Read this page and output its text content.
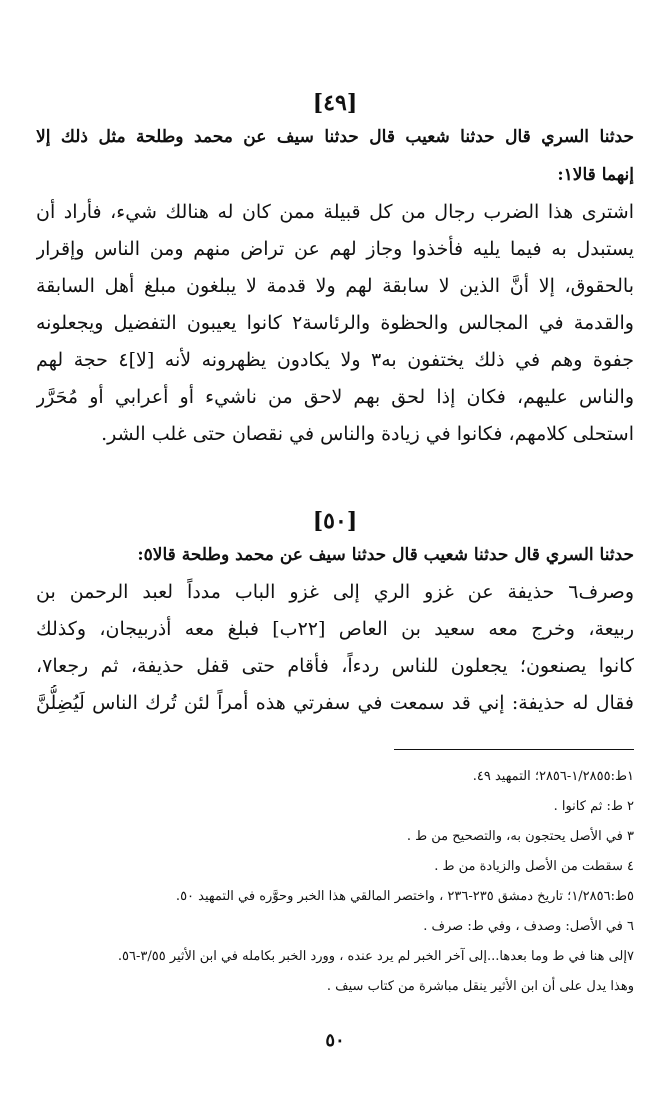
[٤٩]
حدثنا السري قال حدثنا شعيب قال حدثنا سيف عن محمد وطلحة مثل ذلك إلا
إنهما قالا١:
اشترى هذا الضرب رجال من كل قبيلة ممن كان له هنالك شيء، فأراد أن
يستبدل به فيما يليه فأخذوا وجاز لهم عن تراض منهم ومن الناس وإقرار
بالحقوق، إلا أنَّ الذين لا سابقة لهم ولا قدمة لا يبلغون مبلغ أهل السابقة
والقدمة في المجالس والحظوة والرئاسة٢ كانوا يعيبون التفضيل ويجعلونه
جفوة وهم في ذلك يختفون به٣ ولا يكادون يظهرونه لأنه [لا]٤ حجة لهم
والناس عليهم، فكان إذا لحق بهم لاحق من ناشيء أو أعرابي أو مُحَرَّر
استحلى كلامهم، فكانوا في زيادة والناس في نقصان حتى غلب الشر.
[٥٠]
حدثنا السري قال حدثنا شعيب قال حدثنا سيف عن محمد وطلحة قالا٥:
وصرف٦ حذيفة عن غزو الري إلى غزو الباب مدداً لعبد الرحمن بن
ربيعة، وخرج معه سعيد بن العاص [٢٢ب] فبلغ معه أذربيجان، وكذلك
كانوا يصنعون؛ يجعلون للناس ردءاً، فأقام حتى قفل حذيفة، ثم رجعا٧،
فقال له حذيفة: إني قد سمعت في سفرتي هذه أمراً لئن تُرك الناس لَيُضِلُّنَّ
١ط:١/٢٨٥٥-٢٨٥٦؛ التمهيد ٤٩.
٢ ط: ثم كانوا .
٣ في الأصل يحتجون به، والتصحيح من ط .
٤ سقطت من الأصل والزيادة من ط .
٥ط:١/٢٨٥٦؛ تاريخ دمشق ٢٣٥-٢٣٦ ، واختصر المالقي هذا الخبر وحوَّره في التمهيد ٥٠.
٦ في الأصل: وصدف ، وفي ط: صرف .
٧إلى هنا في ط وما بعدها...إلى آخر الخبر لم يرد عنده ، وورد الخبر بكامله في ابن الأثير ٣/٥٥-٥٦.
وهذا يدل على أن ابن الأثير ينقل مباشرة من كتاب سيف .
٥٠
